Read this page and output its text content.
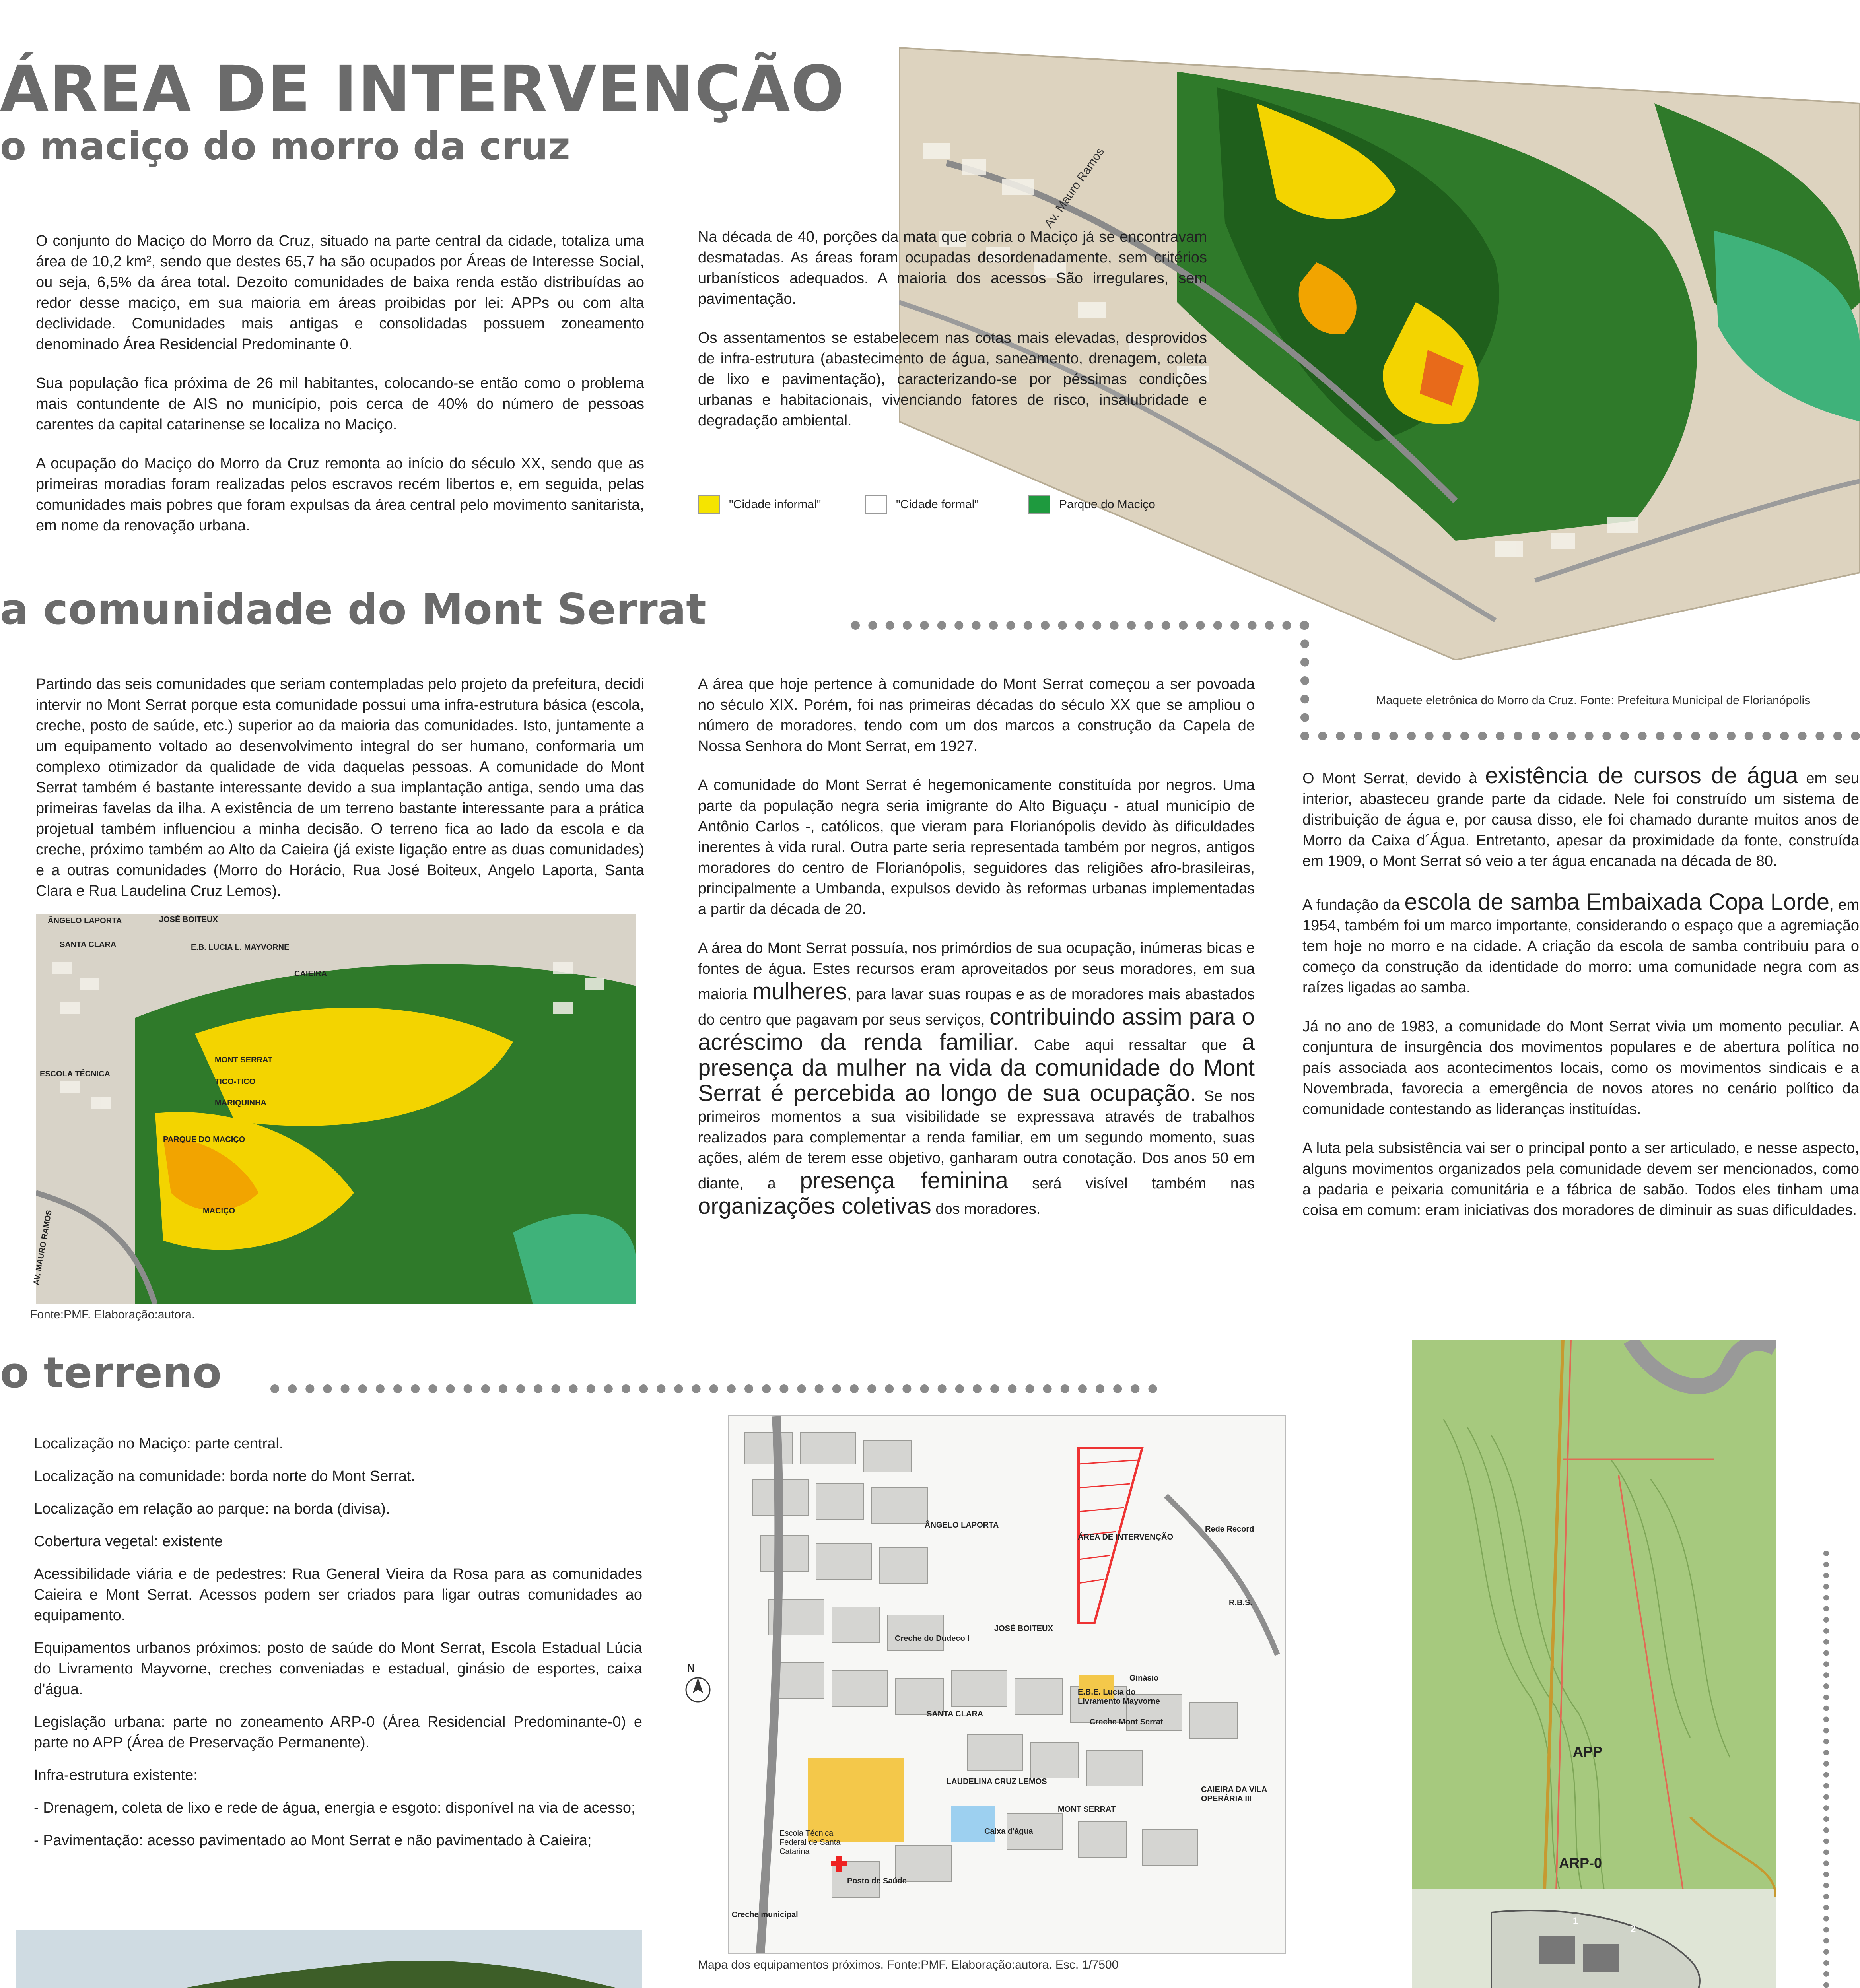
ÁREA DE INTERVENÇÃO
o maciço do morro da cruz	Av. Mauro Ramos

O conjunto do Maciço do Morro da Cruz, situado na parte central da cidade, totaliza uma área de 10,2 km², sendo que destes 65,7 ha são ocupados por Áreas de Interesse Social, ou seja, 6,5% da área total. Dezoito comunidades de baixa renda estão distribuídas ao redor desse maciço, em sua maioria em áreas proibidas por lei: APPs ou com alta declividade. Comunidades mais antigas e consolidadas possuem zoneamento denominado Área Residencial Predominante 0.

Sua população fica próxima de 26 mil habitantes, colocando-se então como o problema mais contundente de AIS no município, pois cerca de 40% do número de pessoas carentes da capital catarinense se localiza no Maciço.

A ocupação do Maciço do Morro da Cruz remonta ao início do século XX, sendo que as primeiras moradias foram realizadas pelos escravos recém libertos e, em seguida, pelas comunidades mais pobres que foram expulsas da área central pelo movimento sanitarista, em nome da renovação urbana.

Na década de 40, porções da mata que cobria o Maciço já se encontravam desmatadas. As áreas foram ocupadas desordenadamente, sem critérios urbanísticos adequados. A maioria dos acessos São irregulares, sem pavimentação.

Os assentamentos se estabelecem nas cotas mais elevadas, desprovidos de infra-estrutura (abastecimento de água, saneamento, drenagem, coleta de lixo e pavimentação), caracterizando-se por péssimas condições urbanas e habitacionais, vivenciando fatores de risco, insalubridade e degradação ambiental.

"Cidade informal"	"Cidade formal"	Parque do Maciço
a comunidade do Mont Serrat
Maquete eletrônica do Morro da Cruz. Fonte: Prefeitura Municipal de Florianópolis
Partindo das seis comunidades que seriam contempladas pelo projeto da prefeitura, decidi intervir no Mont Serrat porque esta comunidade possui uma infra-estrutura básica (escola, creche, posto de saúde, etc.) superior ao da maioria das comunidades. Isto, juntamente a um equipamento voltado ao desenvolvimento integral do ser humano, conformaria um complexo otimizador da qualidade de vida daquelas pessoas. A comunidade do Mont Serrat também é bastante interessante devido a sua implantação antiga, sendo uma das primeiras favelas da ilha. A existência de um terreno bastante interessante para a prática projetual também influenciou a minha decisão. O terreno fica ao lado da escola e da creche, próximo também ao Alto da Caieira (já existe ligação entre as duas comunidades) e a outras comunidades (Morro do Horácio, Rua José Boiteux, Angelo Laporta, Santa Clara e Rua Laudelina Cruz Lemos).
ÂNGELO LAPORTA	JOSÉ BOITEUX
SANTA CLARA	E.B. LUCIA L. MAYVORNE
CAIEIRA
ESCOLA TÉCNICA
MONT SERRAT
TICO-TICO
MARIQUINHA
PARQUE DO MACIÇO
MACIÇO
AV. MAURO RAMOS
Fonte:PMF. Elaboração:autora.

A área que hoje pertence à comunidade do Mont Serrat começou a ser povoada no século XIX. Porém, foi nas primeiras décadas do século XX que se ampliou o número de moradores, tendo com um dos marcos a construção da Capela de Nossa Senhora do Mont Serrat, em 1927.

A comunidade do Mont Serrat é hegemonicamente constituída por negros. Uma parte da população negra seria imigrante do Alto Biguaçu - atual município de Antônio Carlos -, católicos, que vieram para Florianópolis devido às dificuldades inerentes à vida rural. Outra parte seria representada também por negros, antigos moradores do centro de Florianópolis, seguidores das religiões afro-brasileiras, principalmente a Umbanda, expulsos devido às reformas urbanas implementadas a partir da década de 20.

A área do Mont Serrat possuía, nos primórdios de sua ocupação, inúmeras bicas e fontes de água. Estes recursos eram aproveitados por seus moradores, em sua maioria mulheres, para lavar suas roupas e as de moradores mais abastados do centro que pagavam por seus serviços, contribuindo assim para o acréscimo da renda familiar. Cabe aqui ressaltar que a presença da mulher na vida da comunidade do Mont Serrat é percebida ao longo de sua ocupação. Se nos primeiros momentos a sua visibilidade se expressava através de trabalhos realizados para complementar a renda familiar, em um segundo momento, suas ações, além de terem esse objetivo, ganharam outra conotação. Dos anos 50 em diante, a presença feminina será visível também nas organizações coletivas dos moradores.

O Mont Serrat, devido à existência de cursos de água em seu interior, abasteceu grande parte da cidade. Nele foi construído um sistema de distribuição de água e, por causa disso, ele foi chamado durante muitos anos de Morro da Caixa d´Água. Entretanto, apesar da proximidade da fonte, construída em 1909, o Mont Serrat só veio a ter água encanada na década de 80.

A fundação da escola de samba Embaixada Copa Lorde, em 1954, também foi um marco importante, considerando o espaço que a agremiação tem hoje no morro e na cidade. A criação da escola de samba contribuiu para o começo da construção da identidade do morro: uma comunidade negra com as raízes ligadas ao samba.

Já no ano de 1983, a comunidade do Mont Serrat vivia um momento peculiar. A conjuntura de insurgência dos movimentos populares e de abertura política no país associada aos acontecimentos locais, como os movimentos sindicais e a Novembrada, favorecia a emergência de novos atores no cenário político da comunidade contestando as lideranças instituídas.

A luta pela subsistência vai ser o principal ponto a ser articulado, e nesse aspecto, alguns movimentos organizados pela comunidade devem ser mencionados, como a padaria e peixaria comunitária e a fábrica de sabão. Todos eles tinham uma coisa em comum: eram iniciativas dos moradores de diminuir as suas dificuldades.

o terreno

Localização no Maciço: parte central.

Localização na comunidade: borda norte do Mont Serrat.

Localização em relação ao parque: na borda (divisa).

Cobertura vegetal: existente

Acessibilidade viária e de pedestres: Rua General Vieira da Rosa para as comunidades Caieira e Mont Serrat. Acessos podem ser criados para ligar outras comunidades ao equipamento.

Equipamentos urbanos próximos: posto de saúde do Mont Serrat, Escola Estadual Lúcia do Livramento Mayvorne, creches conveniadas e estadual, ginásio de esportes, caixa d'água.

Legislação urbana: parte no zoneamento ARP-0 (Área Residencial Predominante-0) e parte no APP (Área de Preservação Permanente).

Infra-estrutura existente:

- Drenagem, coleta de lixo e rede de água, energia e esgoto: disponível na via de acesso;

- Pavimentação: acesso pavimentado ao Mont Serrat e não pavimentado à Caieira;

ÂNGELO LAPORTA
ÁREA DE INTERVENÇÃO
Rede Record
R.B.S.
JOSÉ BOITEUX
Creche do Dudeco I
Ginásio
E.B.E. Lucia do Livramento Mayvorne
Creche Mont Serrat
SANTA CLARA
LAUDELINA CRUZ LEMOS
MONT SERRAT
CAIEIRA DA VILA OPERÁRIA III
Escola Técnica Federal de Santa Catarina
Caixa d'água
Posto de Saúde
Creche municipal
N
Mapa dos equipamentos próximos. Fonte:PMF. Elaboração:autora. Esc. 1/7500
APP
ARP-0
1
2
